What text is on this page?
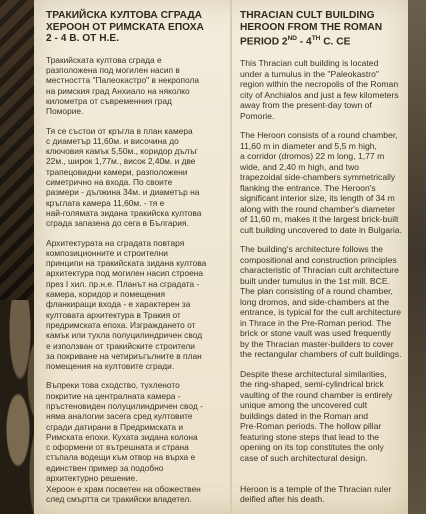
ТРАКИЙСКА КУЛТОВА СГРАДА
ХЕРООН ОТ РИМСКАТА ЕПОХА
2 - 4 В. ОТ Н.Е.
Тракийската култова сграда е
разположена под могилен насип в
местността "Палеокастро" в некропола
на римския град Анхиало на няколко
километра от съвременния град
Поморие.
Тя се състои от кръгла в план камера
с диаметър 11,60м. и височина до
ключовия камък 5,50м., коридор дълъг
22м., широк 1,77м., висок 2,40м. и две
трапецовидни камери, разположени
симетрично на входа. По своите
размери - дължина 34м. и диаметър на
кръглата камера 11,60м. - тя е
най-голямата зидана тракийска култова
сграда запазена до сега в България.
Архитектурата на сградата повтаря
композиционните и строителни
принципи на тракийската зидана култова
архитектура под могилен насип строена
през I хил. пр.н.е. Планът на сградата -
камера, коридор и помещения
фланкиращи входа - е характерен за
култовата архитектура в Тракия от
предримската епоха. Изграждането от
камък или тухла полуцилиндричен свод
е използван от тракийските строители
за покриване на четириъгълните в план
помещения на култовите сгради.
Въпреки това сходство, тухленото
покритие на централната камера -
пръстеновиден полуцилиндричен свод -
няма аналогии засега сред култовите
сгради датирани в Предримската и
Римската епохи. Кухата зидана колона
с оформени от вътрешната и страна
стъпала водещи към отвор на върха е
единствен пример за подобно
архитектурно решение.
THRACIAN CULT BUILDING
HEROON FROM THE ROMAN
PERIOD 2ND - 4TH C. CE
This Thracian cult building is located
under a tumulus in the "Paleokastro"
region within the necropolis of the Roman
city of Anchialos and just a few kilometers
away from the present-day town of
Pomorie.
The Heroon consists of a round chamber,
11,60 m in diameter and 5,5 m high,
a corridor (dromos) 22 m long, 1,77 m
wide, and 2,40 m high, and two
trapezoidal side-chambers symmetrically
flanking the entrance. The Heroon's
significant interior size, its length of 34 m
along with the round chamber's diameter
of 11,60 m, makes it the largest brick-built
cult building uncovered to date in Bulgaria.
The building's architecture follows the
compositional and construction principles
characteristic of Thracian cult architecture
built under tumulus in the 1st mill. BCE.
The plan consisting of a round chamber,
long dromos, and side-chambers at the
entrance, is typical for the cult architecture
in Thrace in the Pre-Roman period. The
brick or stone vault was used frequently
by the Thracian master-builders to cover
the rectangular chambers of cult buildings.
Despite these architectural similarities,
the ring-shaped, semi-cylindrical brick
vaulting of the round chamber is entirely
unique among the uncovered cult
buildings dated in the Roman and
Pre-Roman periods. The hollow pillar
featuring stone steps that lead to the
opening on its top constitutes the only
case of such architectural design.
Хероон е храм посветен на обожествен
след смъртта си тракийски владетел.
Heroon is a temple of the Thracian ruler
deified after his death.
